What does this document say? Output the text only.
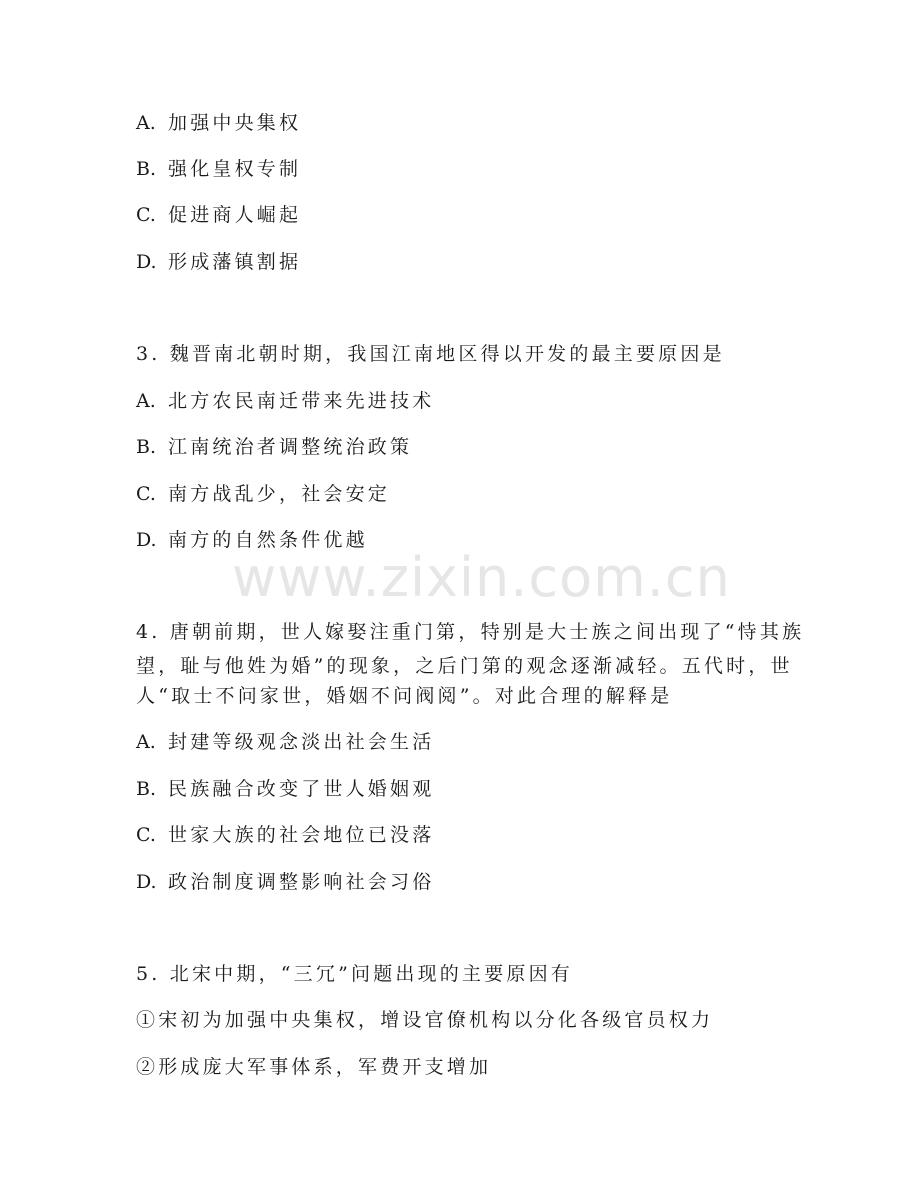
www.zixin.com.cn
A. 加强中央集权
B. 强化皇权专制
C. 促进商人崛起
D. 形成藩镇割据
3. 魏晋南北朝时期，我国江南地区得以开发的最主要原因是
A. 北方农民南迁带来先进技术
B. 江南统治者调整统治政策
C. 南方战乱少，社会安定
D. 南方的自然条件优越
4. 唐朝前期，世人嫁娶注重门第，特别是大士族之间出现了“恃其族
望，耻与他姓为婚”的现象，之后门第的观念逐渐减轻。五代时，世
人“取士不问家世，婚姻不问阀阅”。对此合理的解释是
A. 封建等级观念淡出社会生活
B. 民族融合改变了世人婚姻观
C. 世家大族的社会地位已没落
D. 政治制度调整影响社会习俗
5. 北宋中期，“三冗”问题出现的主要原因有
①宋初为加强中央集权，增设官僚机构以分化各级官员权力
②形成庞大军事体系，军费开支增加
